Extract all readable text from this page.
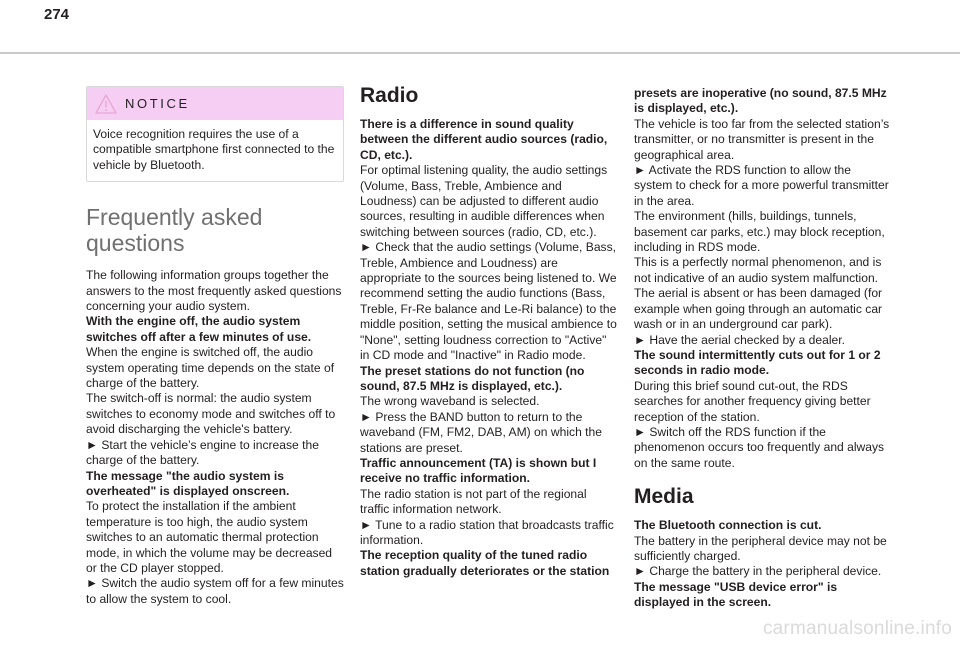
274
NOTICE

Voice recognition requires the use of a compatible smartphone first connected to the vehicle by Bluetooth.

Frequently asked questions

The following information groups together the answers to the most frequently asked questions concerning your audio system.

With the engine off, the audio system switches off after a few minutes of use.

When the engine is switched off, the audio system operating time depends on the state of charge of the battery.

The switch-off is normal: the audio system switches to economy mode and switches off to avoid discharging the vehicle's battery.

► Start the vehicle’s engine to increase the charge of the battery.

The message "the audio system is overheated" is displayed onscreen.

To protect the installation if the ambient temperature is too high, the audio system switches to an automatic thermal protection mode, in which the volume may be decreased or the CD player stopped.

► Switch the audio system off for a few minutes to allow the system to cool.

Radio

There is a difference in sound quality between the different audio sources (radio, CD, etc.).

For optimal listening quality, the audio settings (Volume, Bass, Treble, Ambience and Loudness) can be adjusted to different audio sources, resulting in audible differences when switching between sources (radio, CD, etc.).

► Check that the audio settings (Volume, Bass, Treble, Ambience and Loudness) are appropriate to the sources being listened to. We recommend setting the audio functions (Bass, Treble, Fr-Re balance and Le-Ri balance) to the middle position, setting the musical ambience to "None", setting loudness correction to "Active" in CD mode and "Inactive" in Radio mode.

The preset stations do not function (no sound, 87.5 MHz is displayed, etc.).

The wrong waveband is selected.

► Press the BAND button to return to the waveband (FM, FM2, DAB, AM) on which the stations are preset.

Traffic announcement (TA) is shown but I receive no traffic information.

The radio station is not part of the regional traffic information network.

► Tune to a radio station that broadcasts traffic information.

The reception quality of the tuned radio station gradually deteriorates or the station

presets are inoperative (no sound, 87.5 MHz is displayed, etc.).

The vehicle is too far from the selected station’s transmitter, or no transmitter is present in the geographical area.

► Activate the RDS function to allow the system to check for a more powerful transmitter in the area.

The environment (hills, buildings, tunnels, basement car parks, etc.) may block reception, including in RDS mode.

This is a perfectly normal phenomenon, and is not indicative of an audio system malfunction.

The aerial is absent or has been damaged (for example when going through an automatic car wash or in an underground car park).

► Have the aerial checked by a dealer.

The sound intermittently cuts out for 1 or 2 seconds in radio mode.

During this brief sound cut-out, the RDS searches for another frequency giving better reception of the station.

► Switch off the RDS function if the phenomenon occurs too frequently and always on the same route.

Media

The Bluetooth connection is cut.

The battery in the peripheral device may not be sufficiently charged.

► Charge the battery in the peripheral device.

The message "USB device error" is displayed in the screen.

carmanualsonline.info
